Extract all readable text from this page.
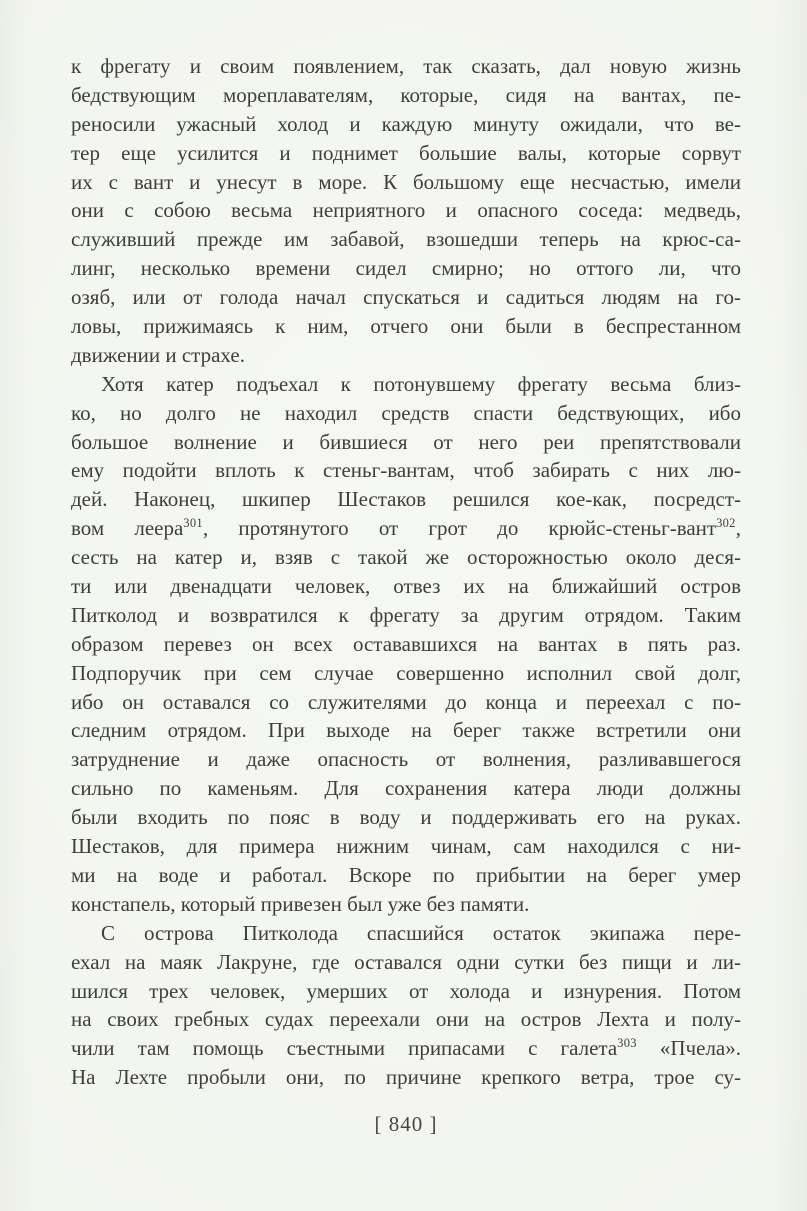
к фрегату и своим появлением, так сказать, дал новую жизнь
бедствующим мореплавателям, которые, сидя на вантах, пе-
реносили ужасный холод и каждую минуту ожидали, что ве-
тер еще усилится и поднимет большие валы, которые сорвут
их с вант и унесут в море. К большому еще несчастью, имели
они с собою весьма неприятного и опасного соседа: медведь,
служивший прежде им забавой, взошедши теперь на крюс-са-
линг, несколько времени сидел смирно; но оттого ли, что
озяб, или от голода начал спускаться и садиться людям на го-
ловы, прижимаясь к ним, отчего они были в беспрестанном
движении и страхе.
Хотя катер подъехал к потонувшему фрегату весьма близ-
ко, но долго не находил средств спасти бедствующих, ибо
большое волнение и бившиеся от него реи препятствовали
ему подойти вплоть к стеньг-вантам, чтоб забирать с них лю-
дей. Наконец, шкипер Шестаков решился кое-как, посредст-
вом леера$^{301}$, протянутого от грот до крюйс-стеньг-вант$^{302}$,
сесть на катер и, взяв с такой же осторожностью около деся-
ти или двенадцати человек, отвез их на ближайший остров
Питколод и возвратился к фрегату за другим отрядом. Таким
образом перевез он всех остававшихся на вантах в пять раз.
Подпоручик при сем случае совершенно исполнил свой долг,
ибо он оставался со служителями до конца и переехал с по-
следним отрядом. При выходе на берег также встретили они
затруднение и даже опасность от волнения, разливавшегося
сильно по каменьям. Для сохранения катера люди должны
были входить по пояс в воду и поддерживать его на руках.
Шестаков, для примера нижним чинам, сам находился с ни-
ми на воде и работал. Вскоре по прибытии на берег умер
констапель, который привезен был уже без памяти.
С острова Питколода спасшийся остаток экипажа пере-
ехал на маяк Лакруне, где оставался одни сутки без пищи и ли-
шился трех человек, умерших от холода и изнурения. Потом
на своих гребных судах переехали они на остров Лехта и полу-
чили там помощь съестными припасами с галета$^{303}$ «Пчела».
На Лехте пробыли они, по причине крепкого ветра, трое су-
[ 840 ]
